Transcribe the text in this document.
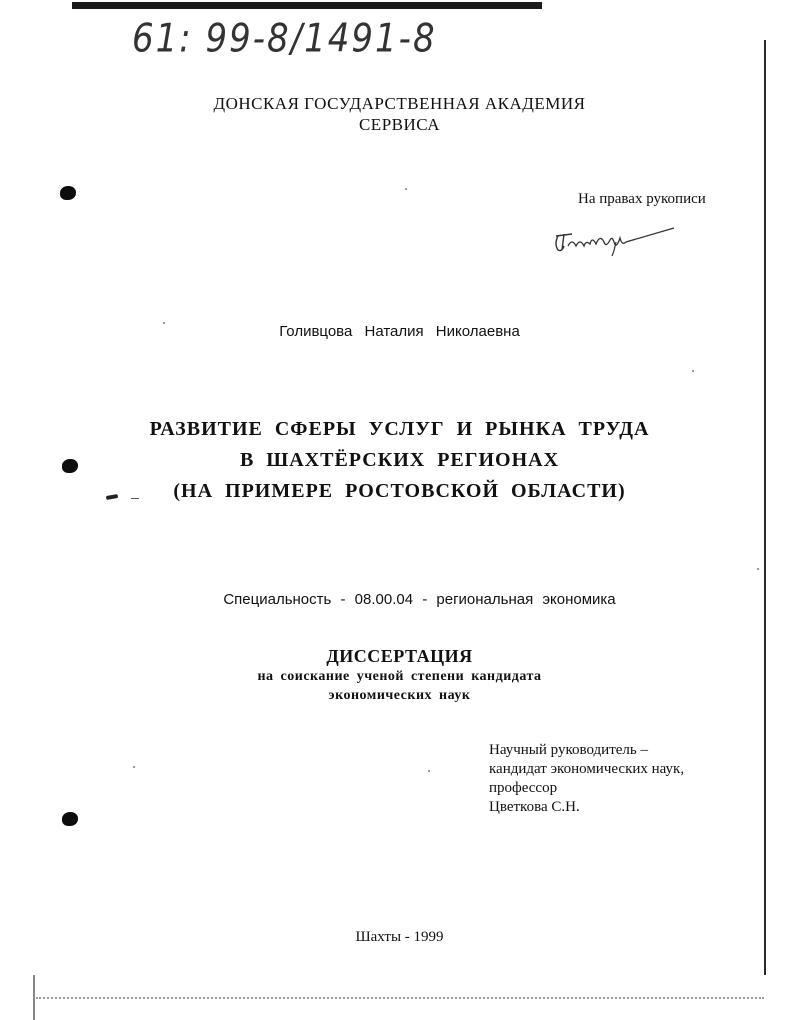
61: 99-8/1491-8
ДОНСКАЯ ГОСУДАРСТВЕННАЯ АКАДЕМИЯ
СЕРВИСА
На правах рукописи
Голивцова Наталия Николаевна
РАЗВИТИЕ СФЕРЫ УСЛУГ И РЫНКА ТРУДА
В ШАХТЁРСКИХ РЕГИОНАХ
(НА ПРИМЕРЕ РОСТОВСКОЙ ОБЛАСТИ)
Специальность - 08.00.04 - региональная экономика
ДИССЕРТАЦИЯ
на соискание ученой степени кандидата
экономических наук
Научный руководитель –
кандидат экономических наук,
профессор
Цветкова С.Н.
Шахты - 1999
